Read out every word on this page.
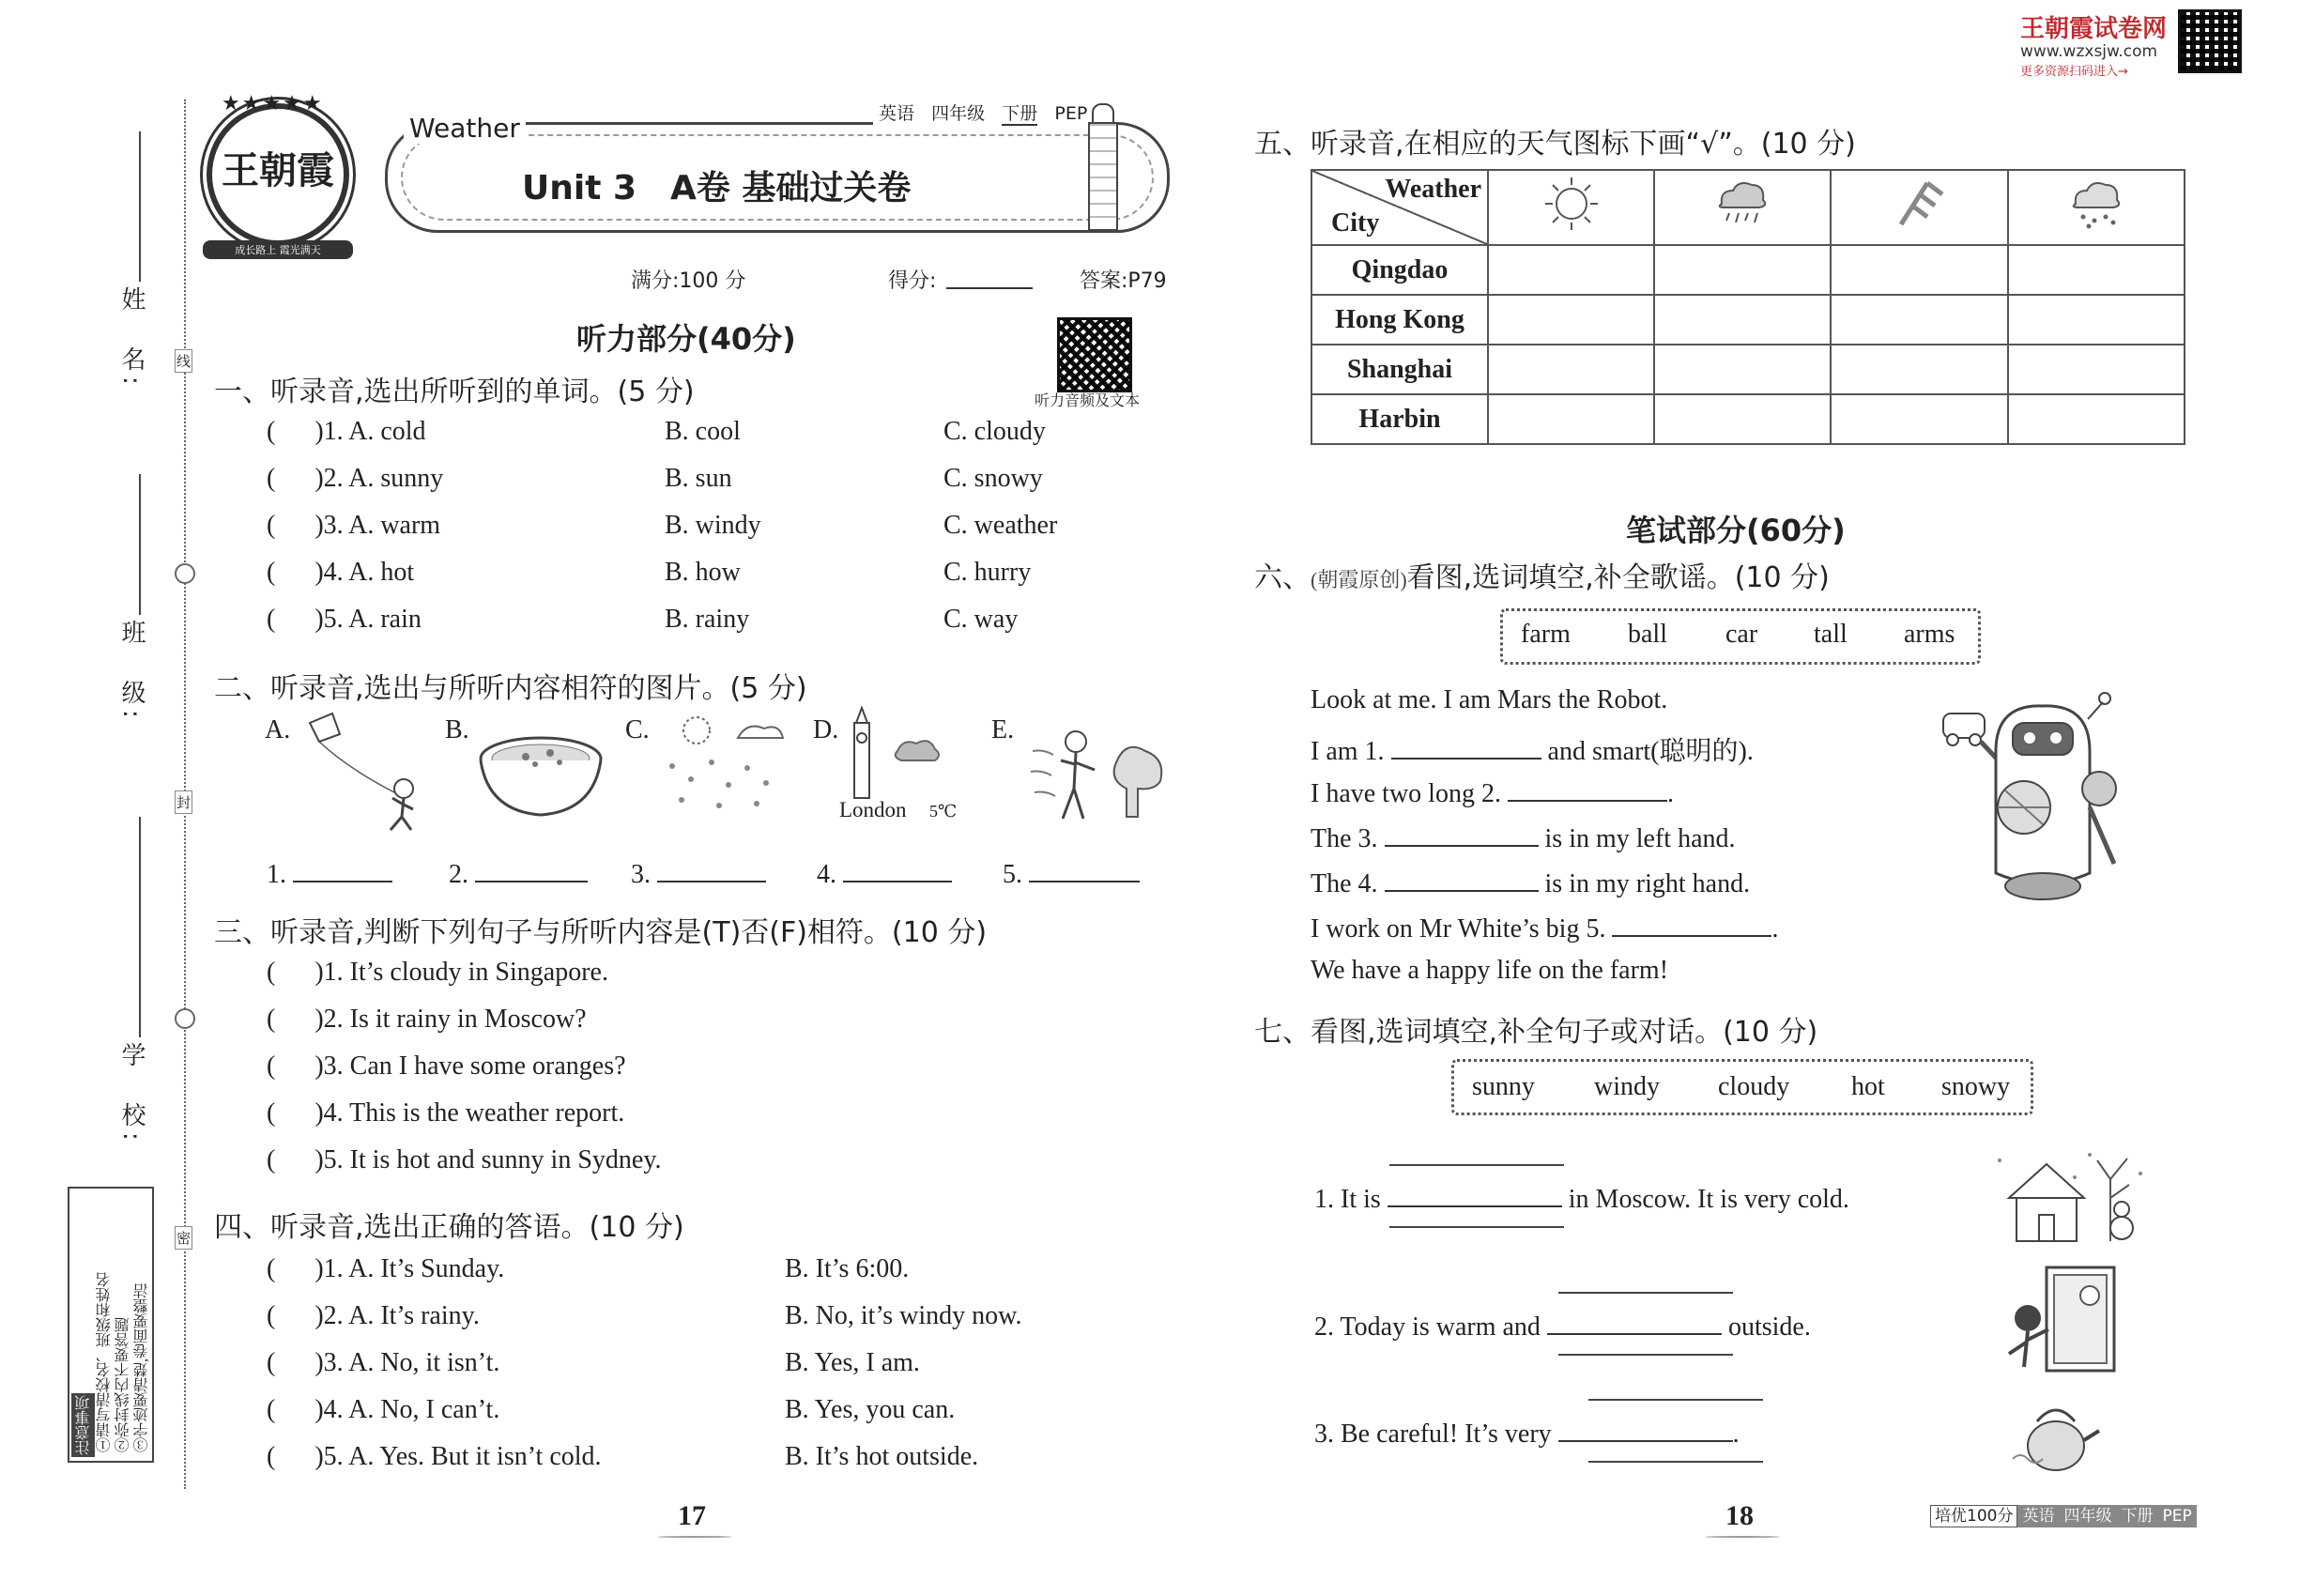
王朝霞试卷网
www.wzxsjw.com
更多资源扫码进入→
姓　名:
班　级:
学　校:
线
封
密
注意事项 ①请写清校名、班级和姓名 ②弥封线内不要答题 ③字迹要清楚,卷面要整洁
王朝霞
成长路上 霞光满天
★★★★★
Weather	英语 四年级 下册 PEP
Unit 3　A卷 基础过关卷
满分:100 分	得分:	答案:P79
听力音频及文本
听力部分(40分)
一、听录音,选出所听到的单词。(5 分)
( )1. A. cold	B. cool	C. cloudy
( )2. A. sunny	B. sun	C. snowy
( )3. A. warm	B. windy	C. weather
( )4. A. hot	B. how	C. hurry
( )5. A. rain	B. rainy	C. way
二、听录音,选出与所听内容相符的图片。(5 分)
A.	B.	C.	D.	E.
London 5℃
1.	2.	3.	4.	5.
三、听录音,判断下列句子与所听内容是(T)否(F)相符。(10 分)
( )1. It’s cloudy in Singapore.
( )2. Is it rainy in Moscow?
( )3. Can I have some oranges?
( )4. This is the weather report.
( )5. It is hot and sunny in Sydney.
四、听录音,选出正确的答语。(10 分)
( )1. A. It’s Sunday.	B. It’s 6:00.
( )2. A. It’s rainy.	B. No, it’s windy now.
( )3. A. No, it isn’t.	B. Yes, I am.
( )4. A. No, I can’t.	B. Yes, you can.
( )5. A. Yes. But it isn’t cold.	B. It’s hot outside.
17
五、听录音,在相应的天气图标下画“√”。(10 分)
Weather
City

Qingdao				
Hong Kong				
Shanghai				
Harbin				
笔试部分(60分)
六、(朝霞原创)看图,选词填空,补全歌谣。(10 分)
farm ball car tall arms
Look at me. I am Mars the Robot.
I am 1.	and smart(聪明的).
I have two long 2.	.
The 3.	is in my left hand.
The 4.	is in my right hand.
I work on Mr White’s big 5.	.
We have a happy life on the farm!
七、看图,选词填空,补全句子或对话。(10 分)
sunny windy cloudy hot snowy
1. It is	in Moscow. It is very cold.
2. Today is warm and	outside.
3. Be careful! It’s very	.
18	培优100分 英语 四年级 下册 PEP
